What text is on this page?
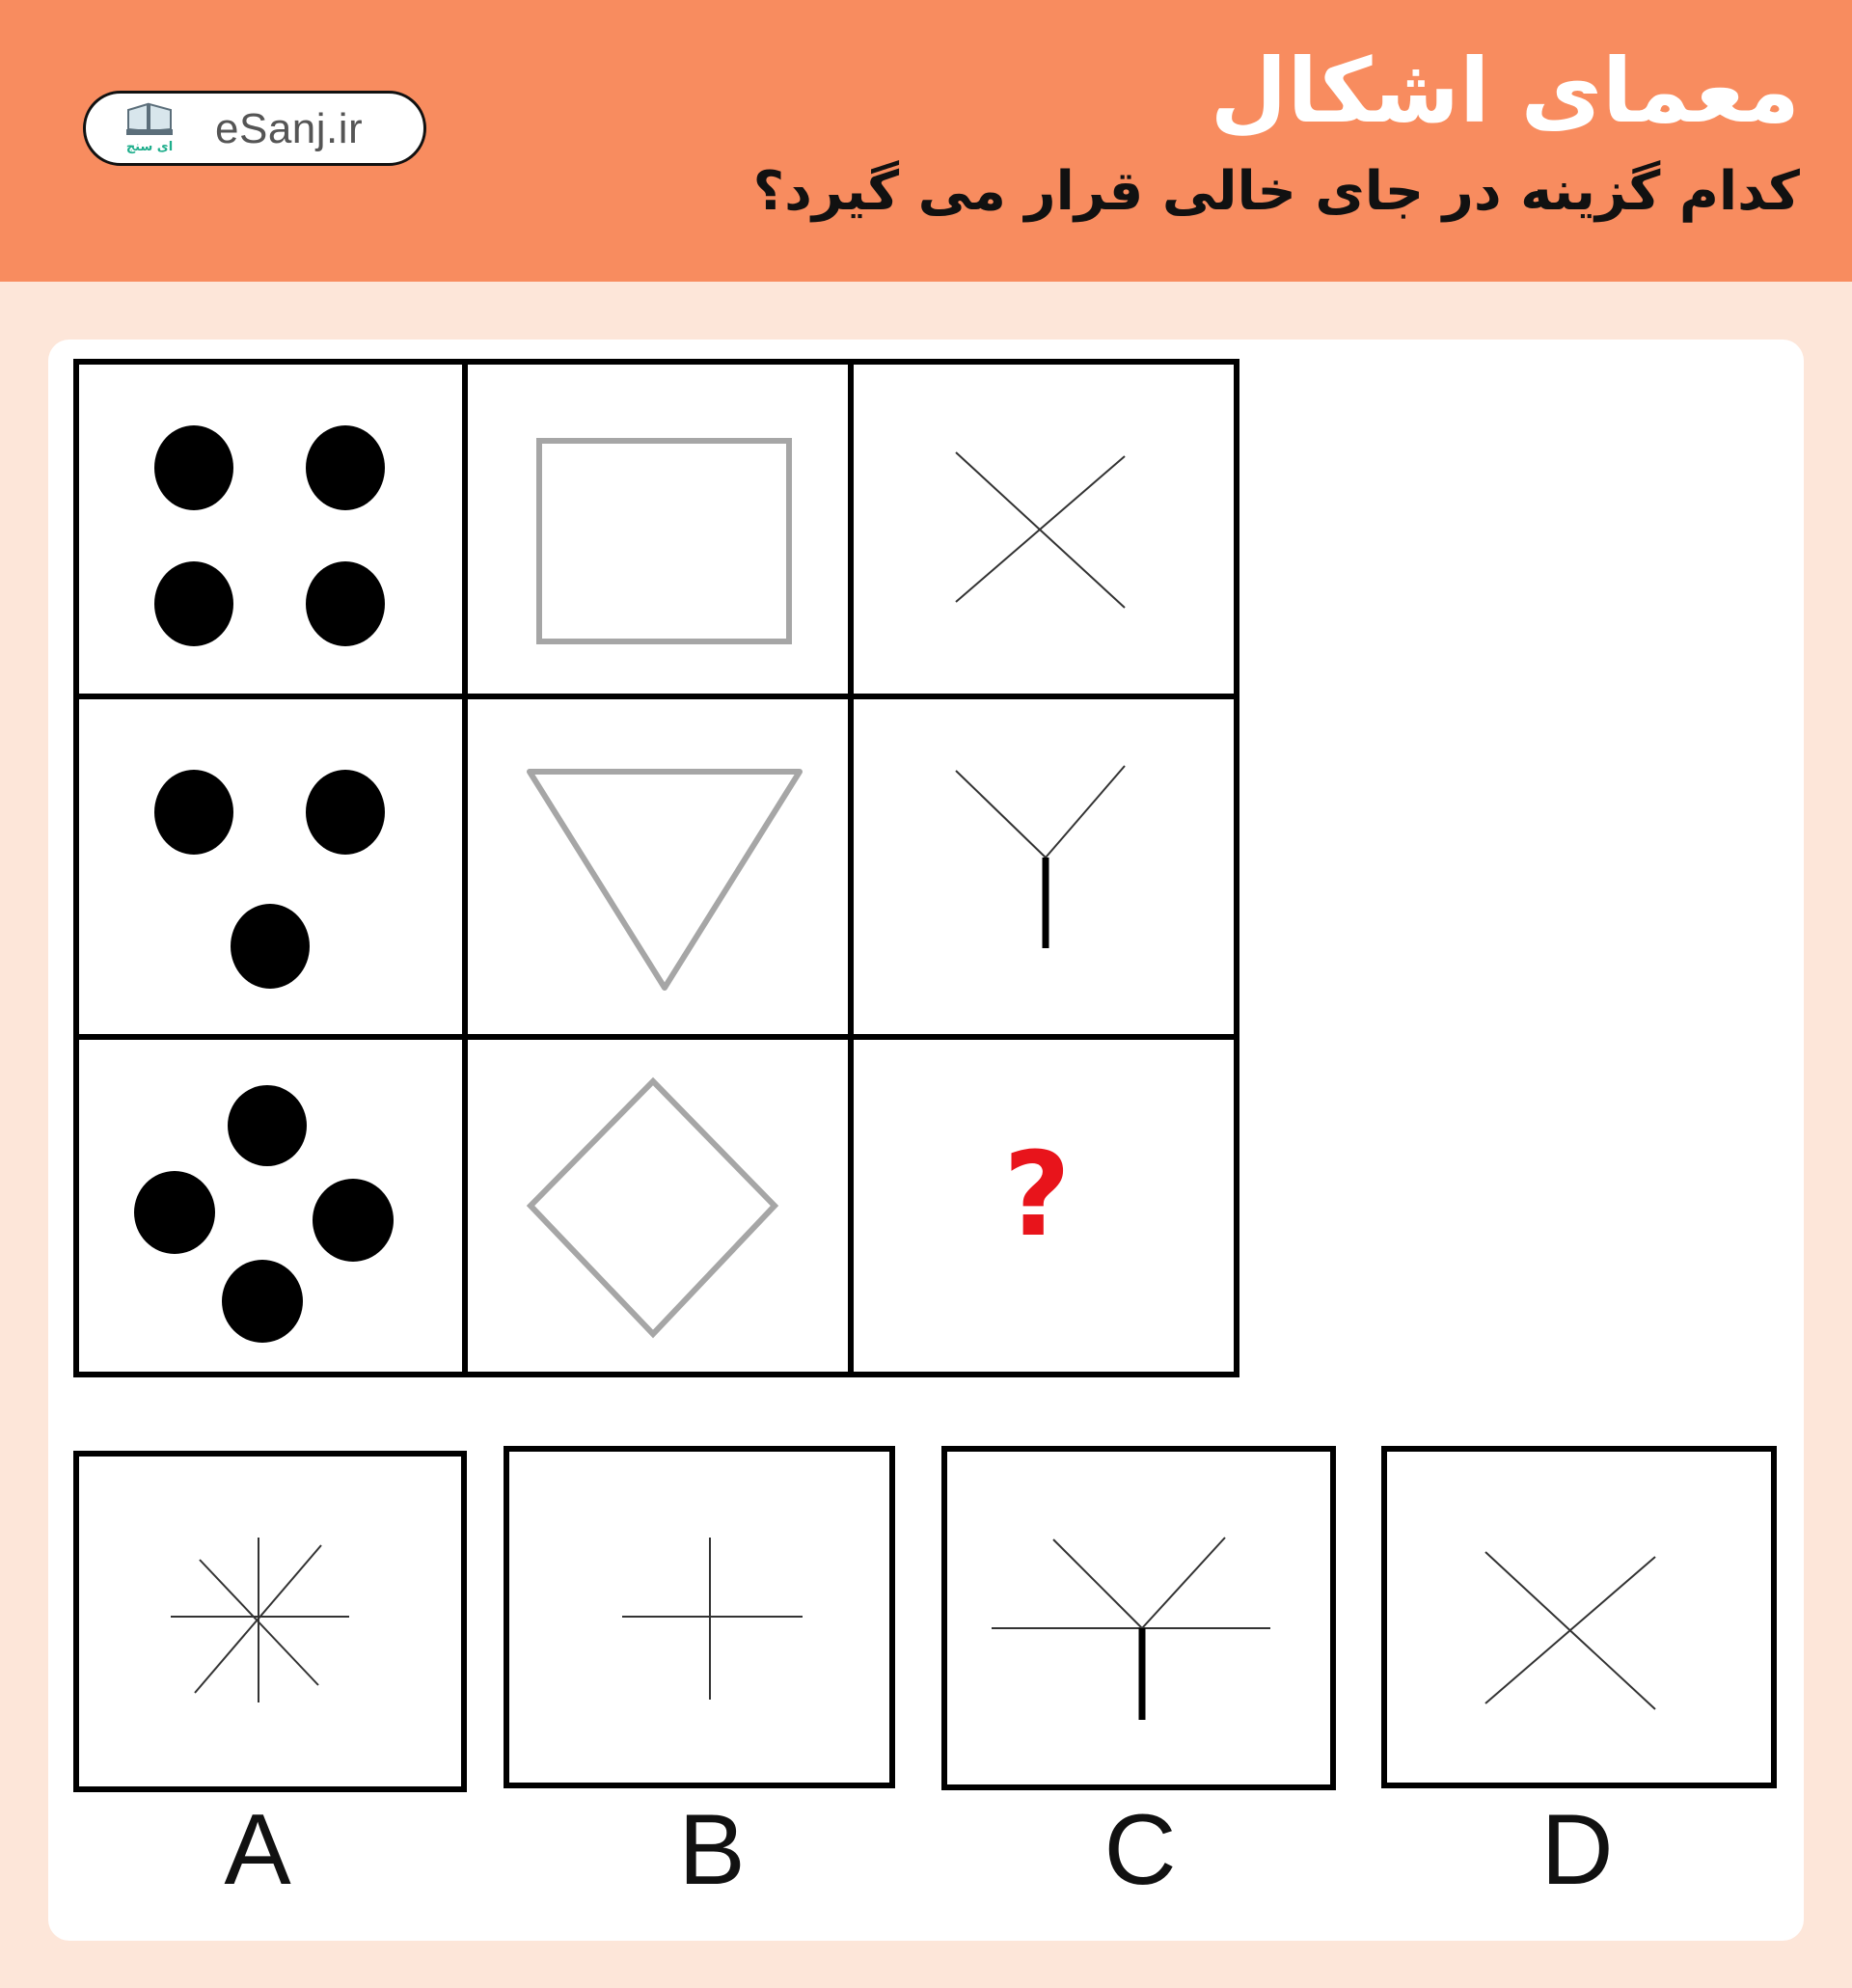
ای سنج eSanj.ir	معمای اشکال
کدام گزینه در جای خالی قرار می گیرد؟
?
A	B	C	D
